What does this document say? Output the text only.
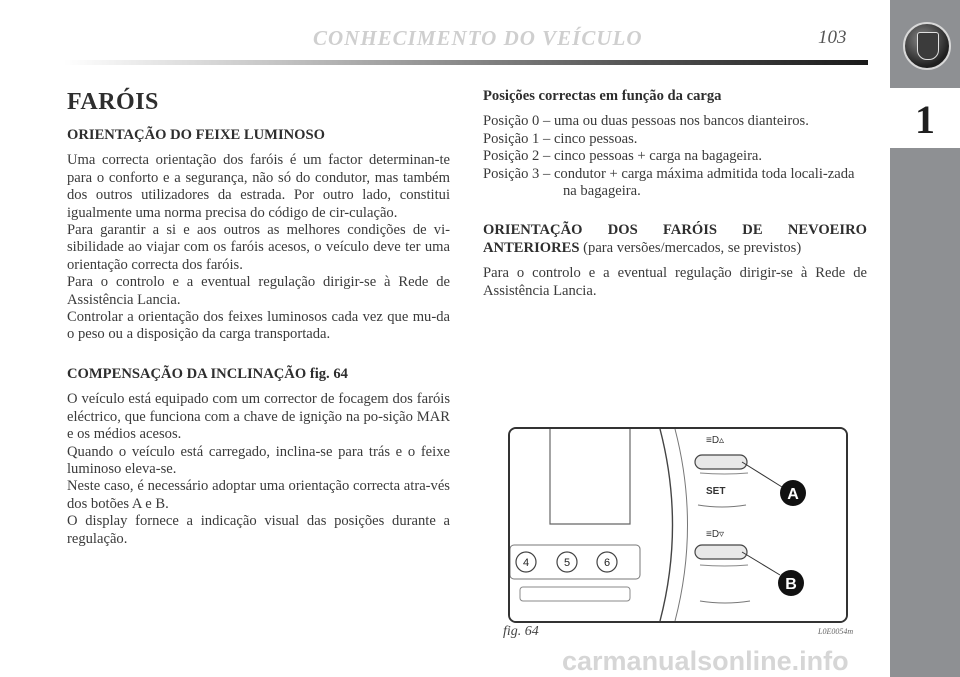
CONHECIMENTO DO VEÍCULO	103
1
FARÓIS

ORIENTAÇÃO DO FEIXE LUMINOSO

Uma correcta orientação dos faróis é um factor determinan-te para o conforto e a segurança, não só do condutor, mas também dos outros utilizadores da estrada. Por outro lado, constitui igualmente uma norma precisa do código de cir-culação.

Para garantir a si e aos outros as melhores condições de vi-sibilidade ao viajar com os faróis acesos, o veículo deve ter uma orientação correcta dos faróis.

Para o controlo e a eventual regulação dirigir-se à Rede de Assistência Lancia.

Controlar a orientação dos feixes luminosos cada vez que mu-da o peso ou a disposição da carga transportada.

COMPENSAÇÃO DA INCLINAÇÃO fig. 64

O veículo está equipado com um corrector de focagem dos faróis eléctrico, que funciona com a chave de ignição na po-sição MAR e os médios acesos.

Quando o veículo está carregado, inclina-se para trás e o feixe luminoso eleva-se.

Neste caso, é necessário adoptar uma orientação correcta atra-vés dos botões A e B.

O display fornece a indicação visual das posições durante a regulação.

Posições correctas em função da carga

Posição 0 – uma ou duas pessoas nos bancos dianteiros.

Posição 1 – cinco pessoas.

Posição 2 – cinco pessoas + carga na bagageira.

Posição 3 – condutor + carga máxima admitida toda locali-zada na bagageira.

ORIENTAÇÃO DOS FARÓIS DE NEVOEIRO ANTERIORES (para versões/mercados, se previstos)

Para o controlo e a eventual regulação dirigir-se à Rede de Assistência Lancia.

≡D▵
SET
≡D▿
A
B
4	5	6
fig. 64	L0E0054m
carmanualsonline.info
